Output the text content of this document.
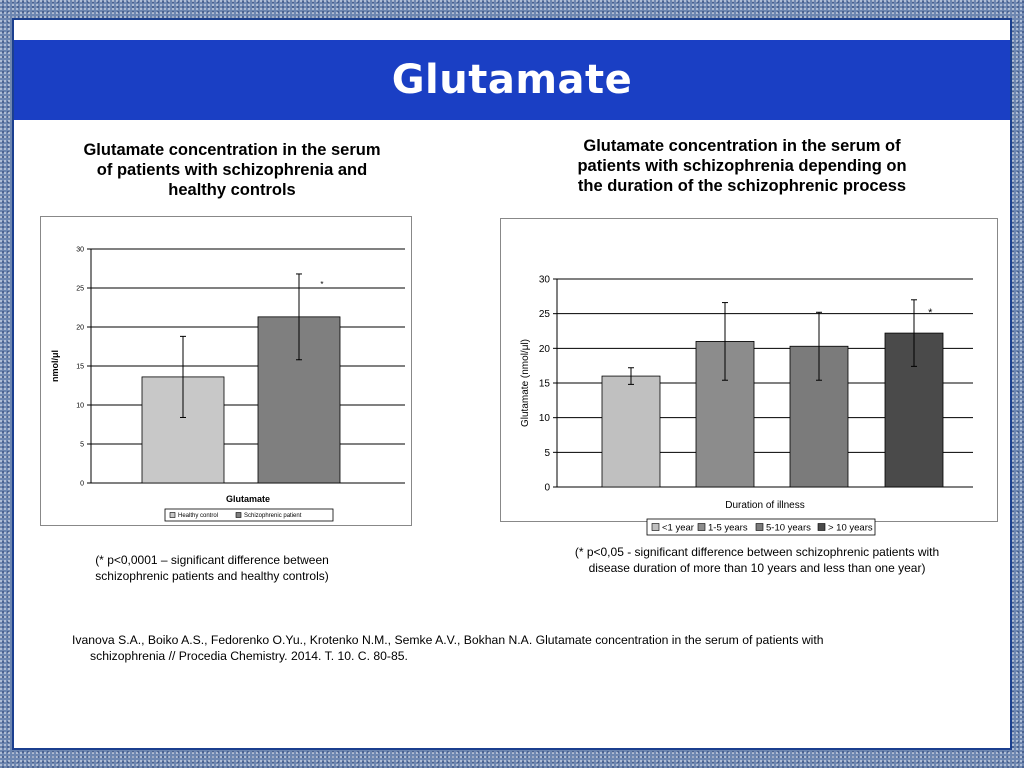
Glutamate
Glutamate concentration in the serum
of patients with schizophrenia and
healthy controls
Glutamate concentration in the serum of
patients with schizophrenia depending on
the duration of the schizophrenic process
0
5
10
15
20
25
30
*
Glutamate
nmol/μl
Healthy control	Schizophrenic patient
0
5
10
15
20
25
30
*
Duration of illness
Glutamate (nmol/μl)
<1 year 1-5 years 5-10 years > 10 years
(* p<0,0001 – significant difference between
schizophrenic patients and healthy controls)
(* p<0,05 - significant difference between schizophrenic patients with
disease duration of more than 10 years and less than one year)
Ivanova S.A., Boiko A.S., Fedorenko O.Yu., Krotenko N.M., Semke A.V., Bokhan N.A. Glutamate concentration in the serum of patients with
schizophrenia // Procedia Chemistry. 2014. T. 10. C. 80-85.
